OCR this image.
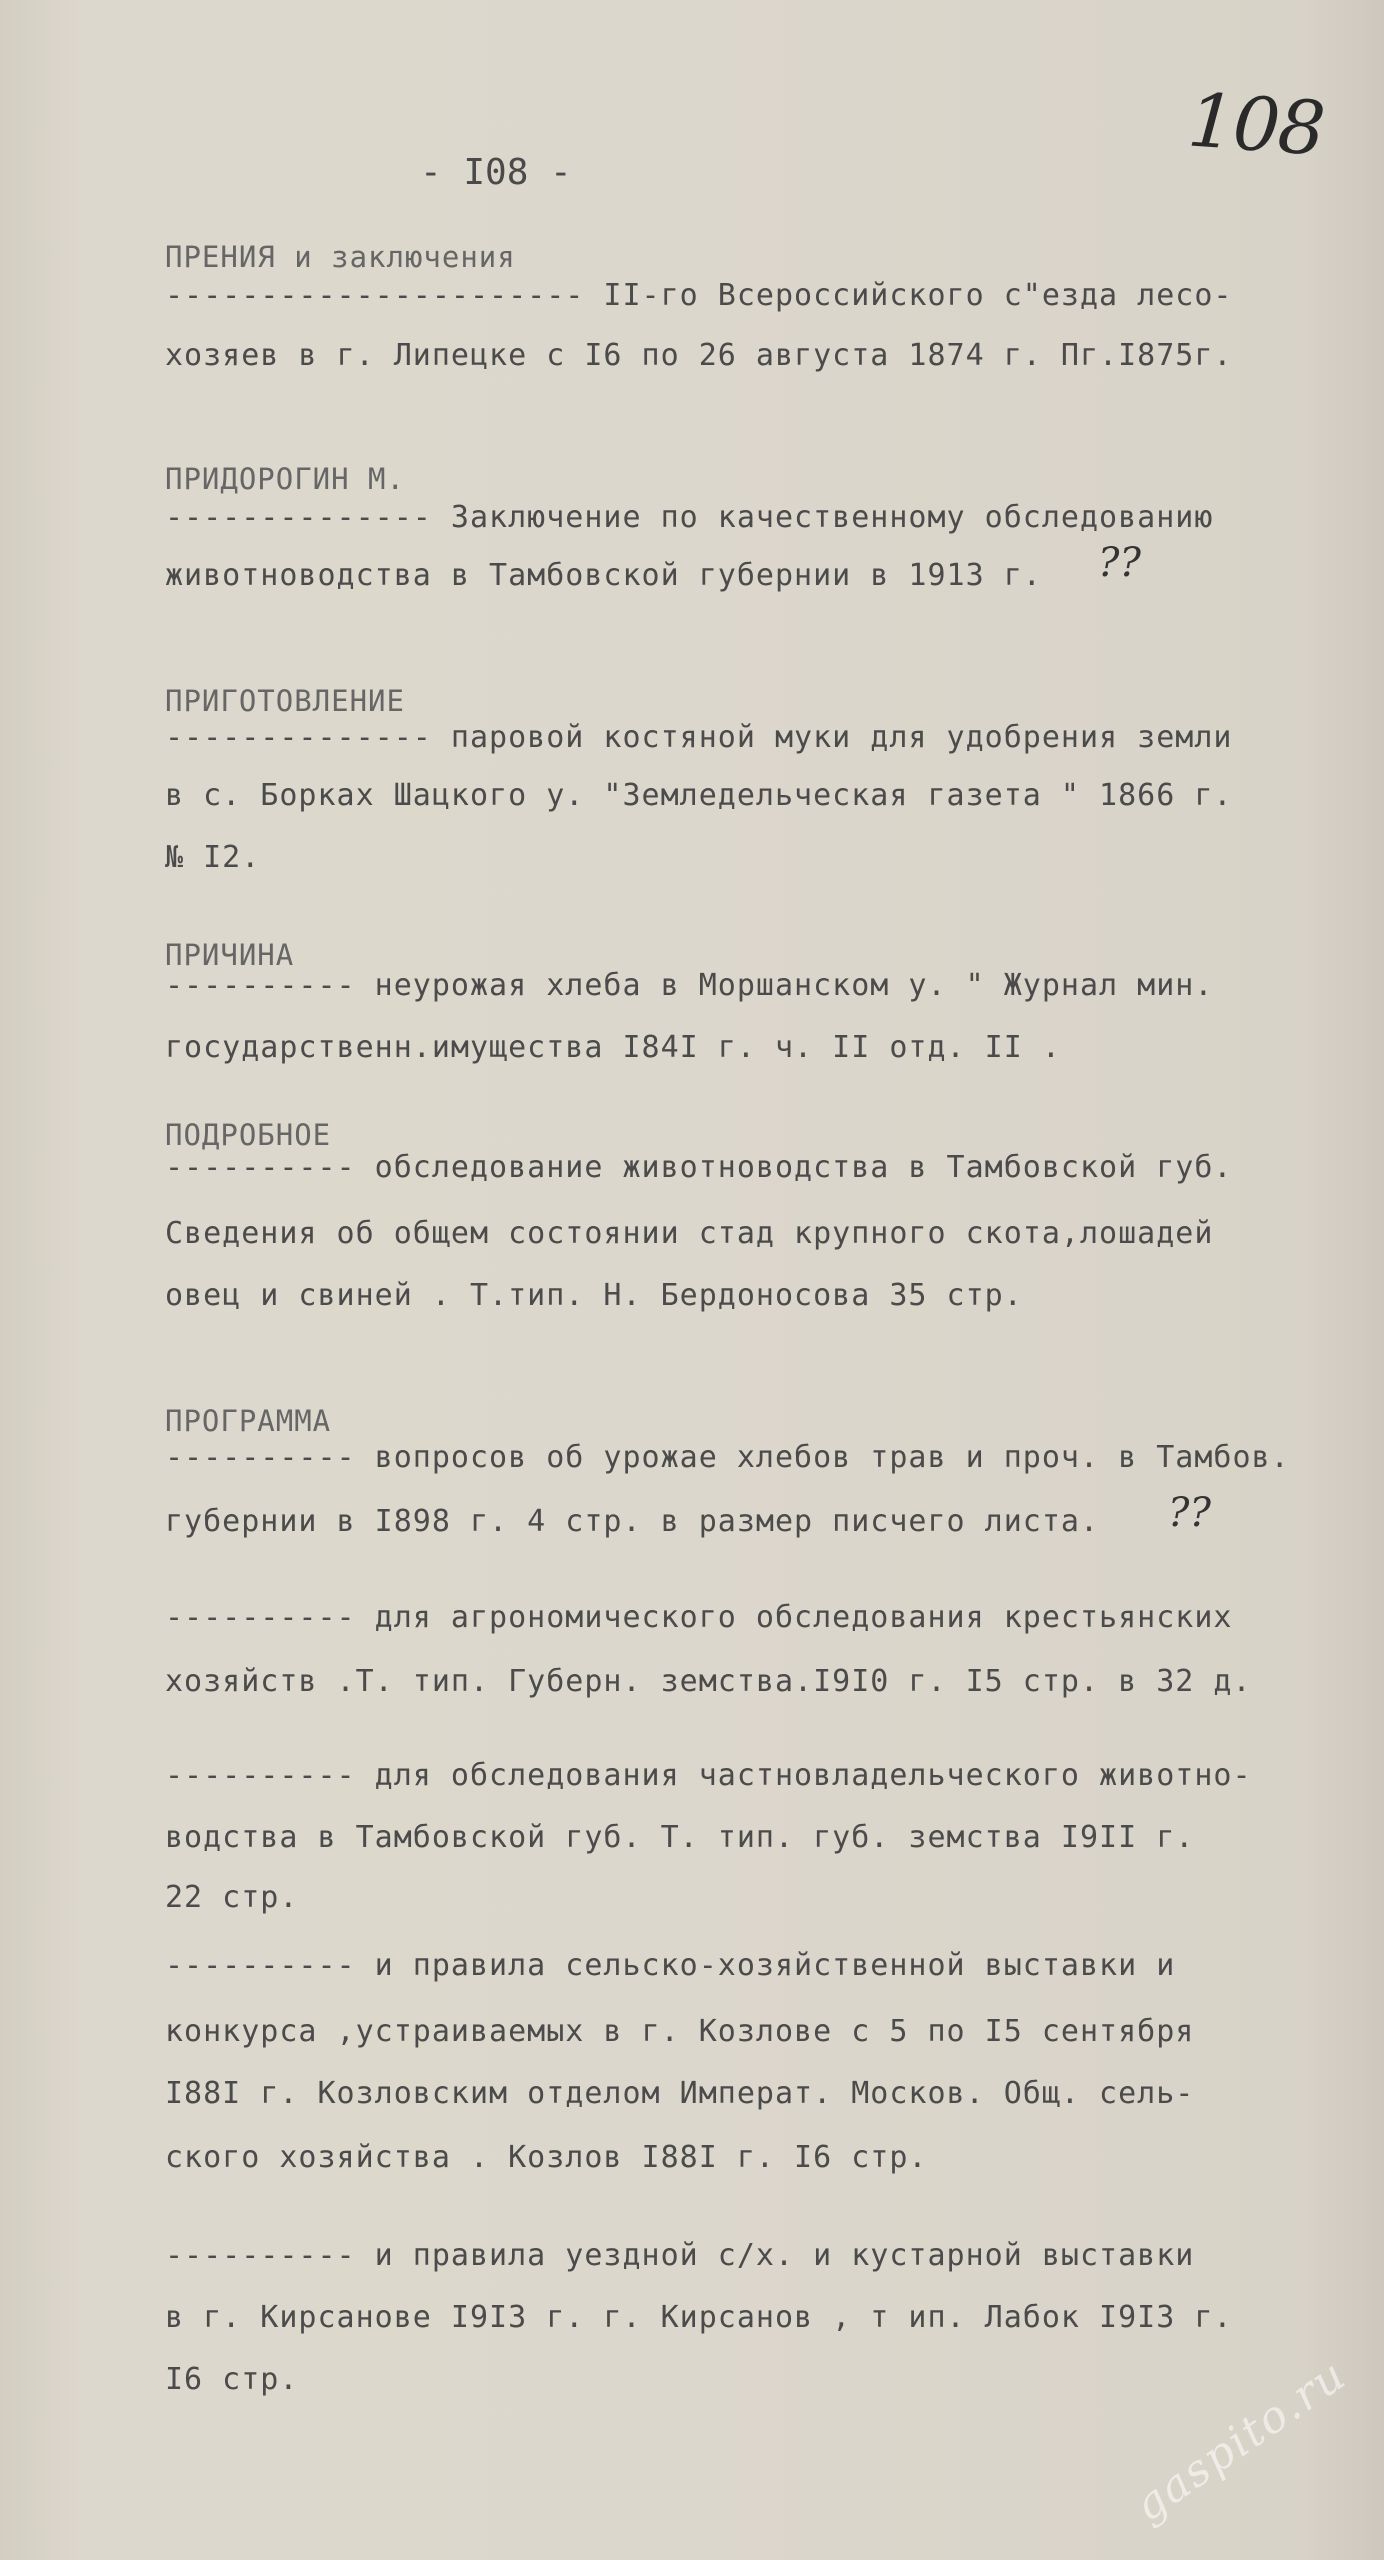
108
- I08 -
ПРЕНИЯ и заключения
---------------------- II-го Всероссийского с"езда лесо-
хозяев в г. Липецке с I6 по 26 августа 1874 г. Пг.I875г.
ПРИДОРОГИН М.
-------------- Заключение по качественному обследованию
животноводства в Тамбовской губернии в 1913 г. ??
ПРИГОТОВЛЕНИЕ
-------------- паровой костяной муки для удобрения земли
в с. Борках Шацкого у. "Земледельческая газета " 1866 г.
№ I2.
ПРИЧИНА
---------- неурожая хлеба в Моршанском у. " Журнал мин.
государственн.имущества I84I г. ч. II отд. II .
ПОДРОБНОЕ
---------- обследование животноводства в Тамбовской губ.
Сведения об общем состоянии стад крупного скота,лошадей
овец и свиней . Т.тип. Н. Бердоносова 35 стр.
ПРОГРАММА
---------- вопросов об урожае хлебов трав и проч. в Тамбов.
губернии в I898 г. 4 стр. в размер писчего листа. ??
---------- для агрономического обследования крестьянских
хозяйств .Т. тип. Губерн. земства.I9I0 г. I5 стр. в 32 д.
---------- для обследования частновладельческого животно-
водства в Тамбовской губ. Т. тип. губ. земства I9II г.
22 стр.
---------- и правила сельско-хозяйственной выставки и
конкурса ,устраиваемых в г. Козлове с 5 по I5 сентября
I88I г. Козловским отделом Императ. Москов. Общ. сель-
ского хозяйства . Козлов I88I г. I6 стр.
---------- и правила уездной с/х. и кустарной выставки
в г. Кирсанове I9I3 г. г. Кирсанов , т ип. Лабок I9I3 г.
I6 стр.	gaspito.ru
